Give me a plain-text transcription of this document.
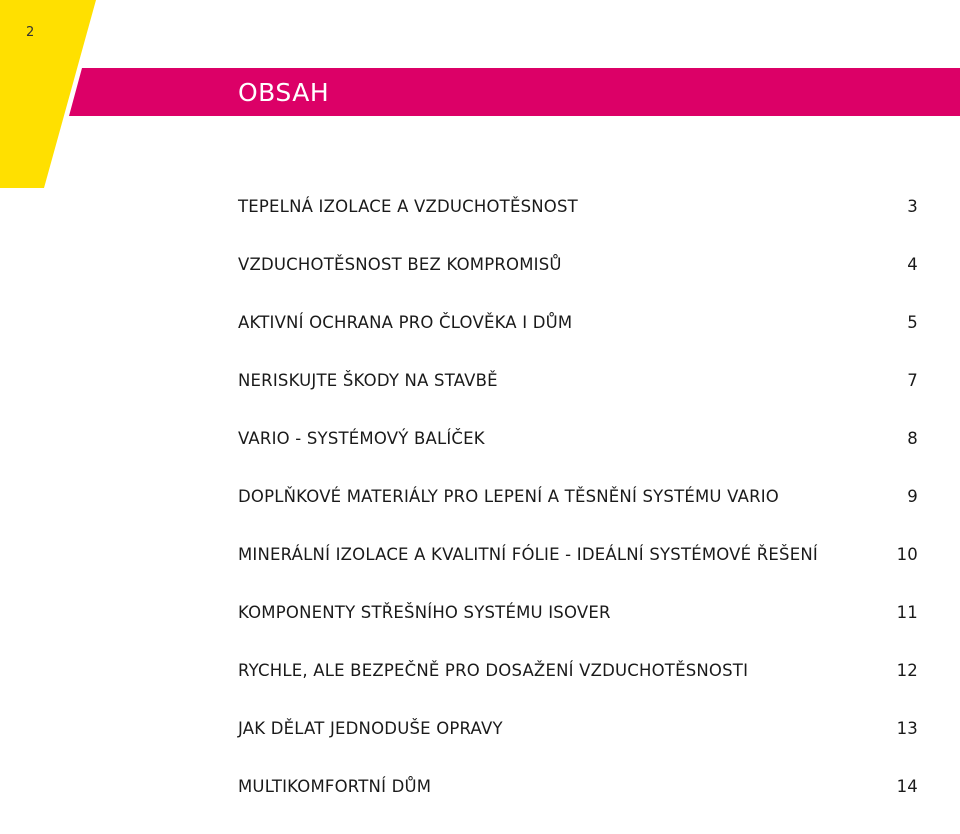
2
OBSAH
TEPELNÁ IZOLACE A VZDUCHOTĚSNOST	3
VZDUCHOTĚSNOST BEZ KOMPROMISŮ	4
AKTIVNÍ OCHRANA PRO ČLOVĚKA I DŮM	5
NERISKUJTE ŠKODY NA STAVBĚ	7
VARIO - SYSTÉMOVÝ BALÍČEK	8
DOPLŇKOVÉ MATERIÁLY PRO LEPENÍ A TĚSNĚNÍ SYSTÉMU VARIO	9
MINERÁLNÍ IZOLACE A KVALITNÍ FÓLIE - IDEÁLNÍ SYSTÉMOVÉ ŘEŠENÍ	10
KOMPONENTY STŘEŠNÍHO SYSTÉMU ISOVER	11
RYCHLE, ALE BEZPEČNĚ PRO DOSAŽENÍ VZDUCHOTĚSNOSTI	12
JAK DĚLAT JEDNODUŠE OPRAVY	13
MULTIKOMFORTNÍ DŮM	14
